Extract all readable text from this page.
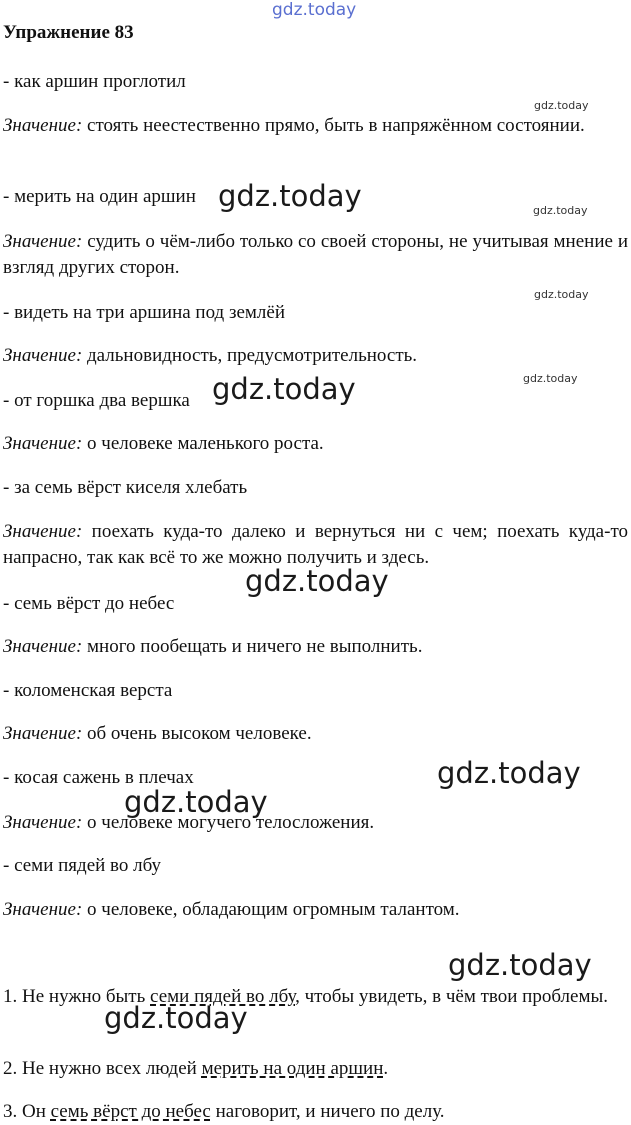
gdz.today
gdz.today
gdz.today	gdz.today
gdz.today
gdz.today
gdz.today
gdz.today
gdz.today
gdz.today
gdz.today
gdz.today
Упражнение 83
- как аршин проглотил
Значение: стоять неестественно прямо, быть в напряжённом состоянии.
- мерить на один аршин
Значение: судить о чём-либо только со своей стороны, не учитывая мнение и взгляд других сторон.
- видеть на три аршина под землёй
Значение: дальновидность, предусмотрительность.
- от горшка два вершка
Значение: о человеке маленького роста.
- за семь вёрст киселя хлебать
Значение: поехать куда-то далеко и вернуться ни с чем; поехать куда-то напрасно, так как всё то же можно получить и здесь.
- семь вёрст до небес
Значение: много пообещать и ничего не выполнить.
- коломенская верста
Значение: об очень высоком человеке.
- косая сажень в плечах
Значение: о человеке могучего телосложения.
- семи пядей во лбу
Значение: о человеке, обладающим огромным талантом.
1. Не нужно быть семи пядей во лбу, чтобы увидеть, в чём твои проблемы.
2. Не нужно всех людей мерить на один аршин.
3. Он семь вёрст до небес наговорит, и ничего по делу.
